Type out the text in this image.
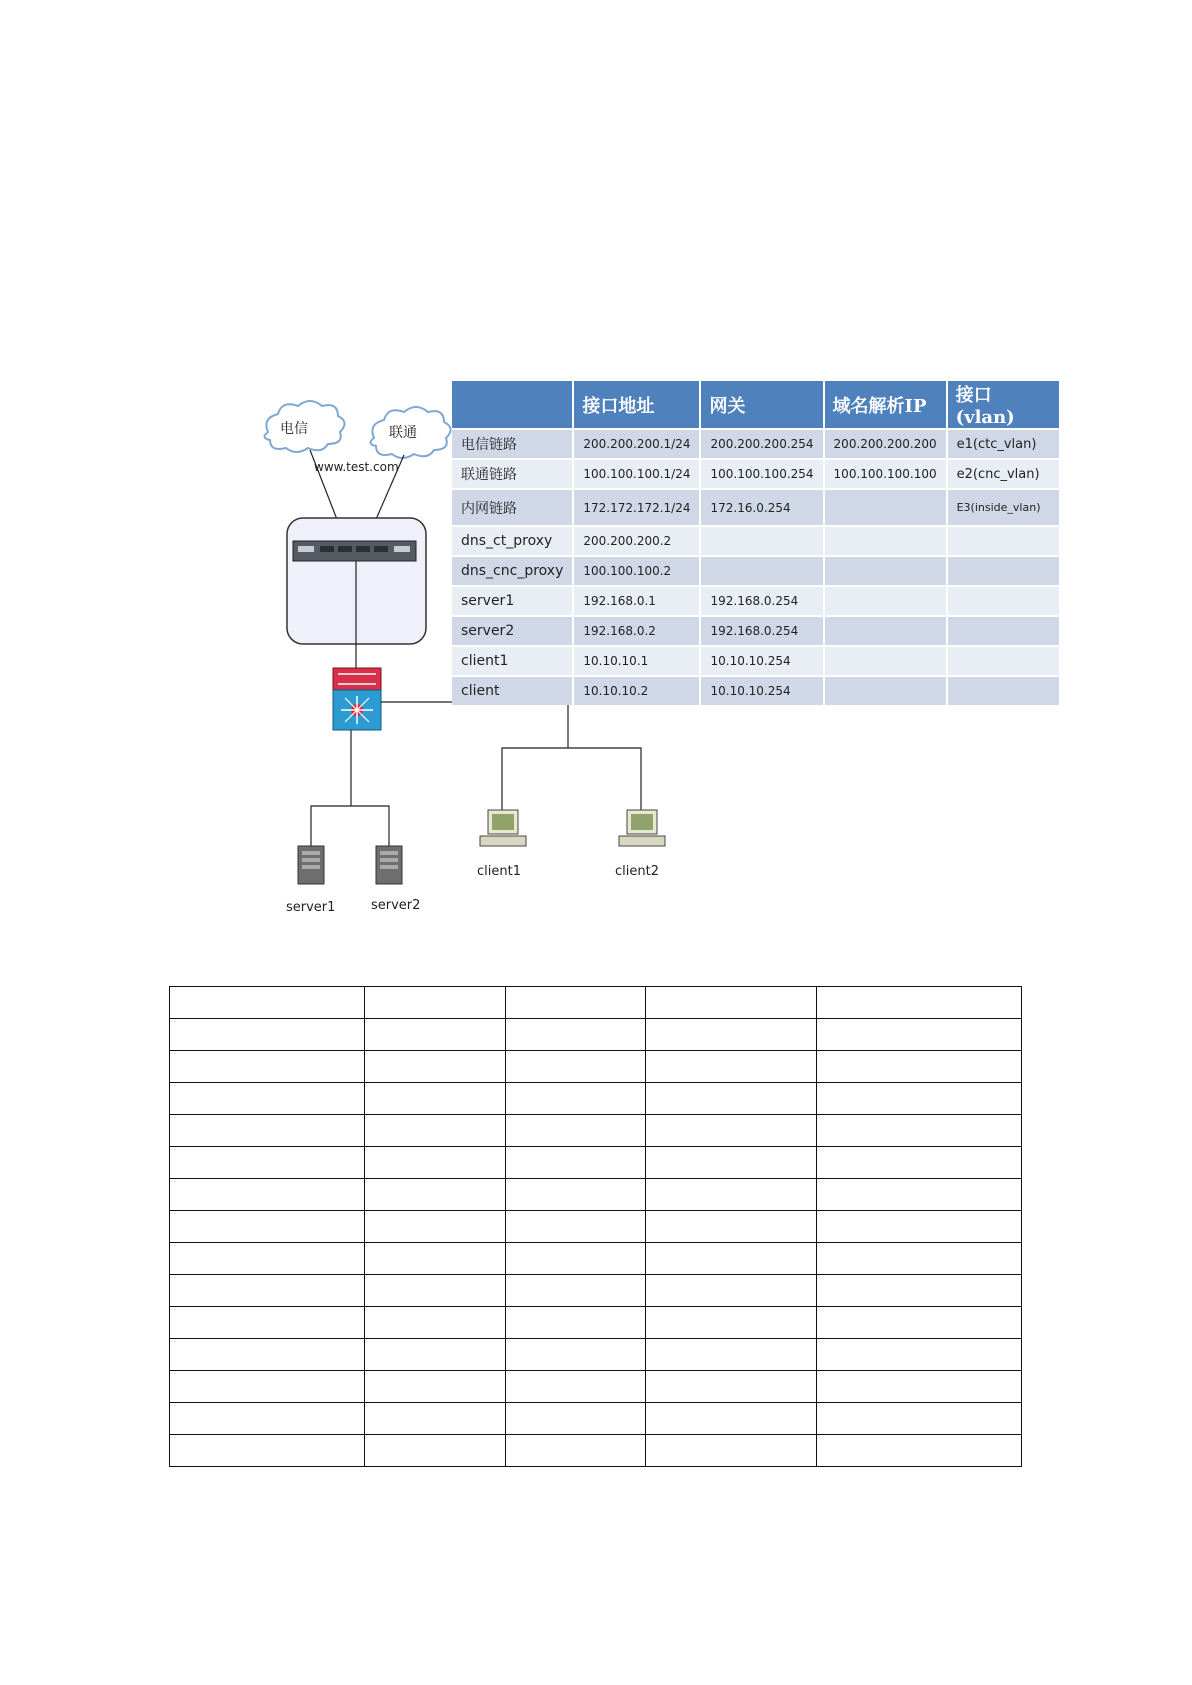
电信	联通
www.test.com
server1	server2
client1	client2
	接口地址	网关	域名解析IP	接口(vlan)
电信链路	200.200.200.1/24	200.200.200.254	200.200.200.200	e1(ctc_vlan)
联通链路	100.100.100.1/24	100.100.100.254	100.100.100.100	e2(cnc_vlan)
内网链路	172.172.172.1/24	172.16.0.254		E3(inside_vlan)
dns_ct_proxy	200.200.200.2			
dns_cnc_proxy	100.100.100.2			
server1	192.168.0.1	192.168.0.254		
server2	192.168.0.2	192.168.0.254		
client1	10.10.10.1	10.10.10.254		
client	10.10.10.2	10.10.10.254		
